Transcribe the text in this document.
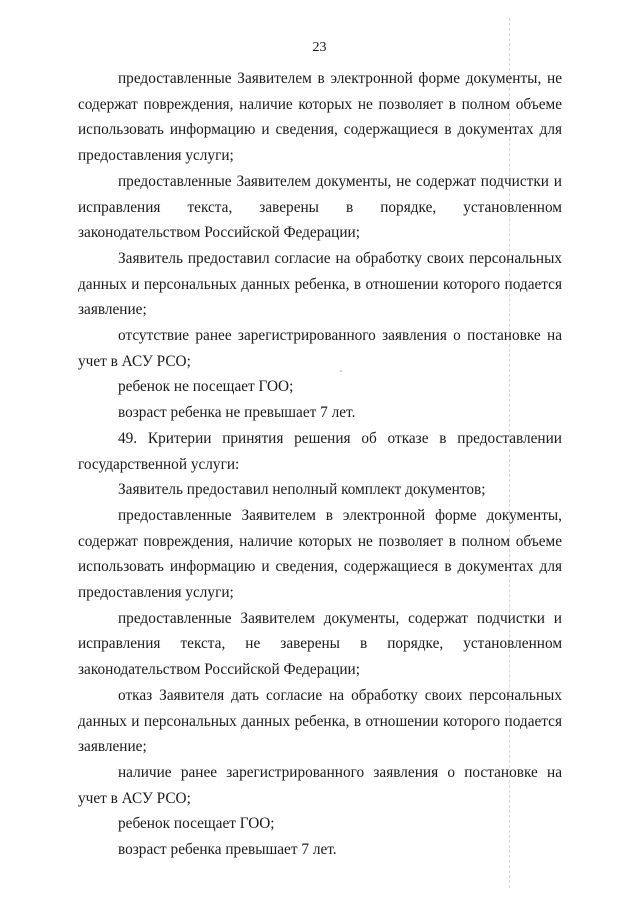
23

предоставленные Заявителем в электронной форме документы, не содержат повреждения, наличие которых не позволяет в полном объеме использовать информацию и сведения, содержащиеся в документах для предоставления услуги;

предоставленные Заявителем документы, не содержат подчистки и исправления текста, заверены в порядке, установленном законодательством Российской Федерации;

Заявитель предоставил согласие на обработку своих персональных данных и персональных данных ребенка, в отношении которого подается заявление;

отсутствие ранее зарегистрированного заявления о постановке на учет в АСУ РСО;

ребенок не посещает ГОО;

возраст ребенка не превышает 7 лет.

49. Критерии принятия решения об отказе в предоставлении государственной услуги:

Заявитель предоставил неполный комплект документов;

предоставленные Заявителем в электронной форме документы, содержат повреждения, наличие которых не позволяет в полном объеме использовать информацию и сведения, содержащиеся в документах для предоставления услуги;

предоставленные Заявителем документы, содержат подчистки и исправления текста, не заверены в порядке, установленном законодательством Российской Федерации;

отказ Заявителя дать согласие на обработку своих персональных данных и персональных данных ребенка, в отношении которого подается заявление;

наличие ранее зарегистрированного заявления о постановке на учет в АСУ РСО;

ребенок посещает ГОО;

возраст ребенка превышает 7 лет.
